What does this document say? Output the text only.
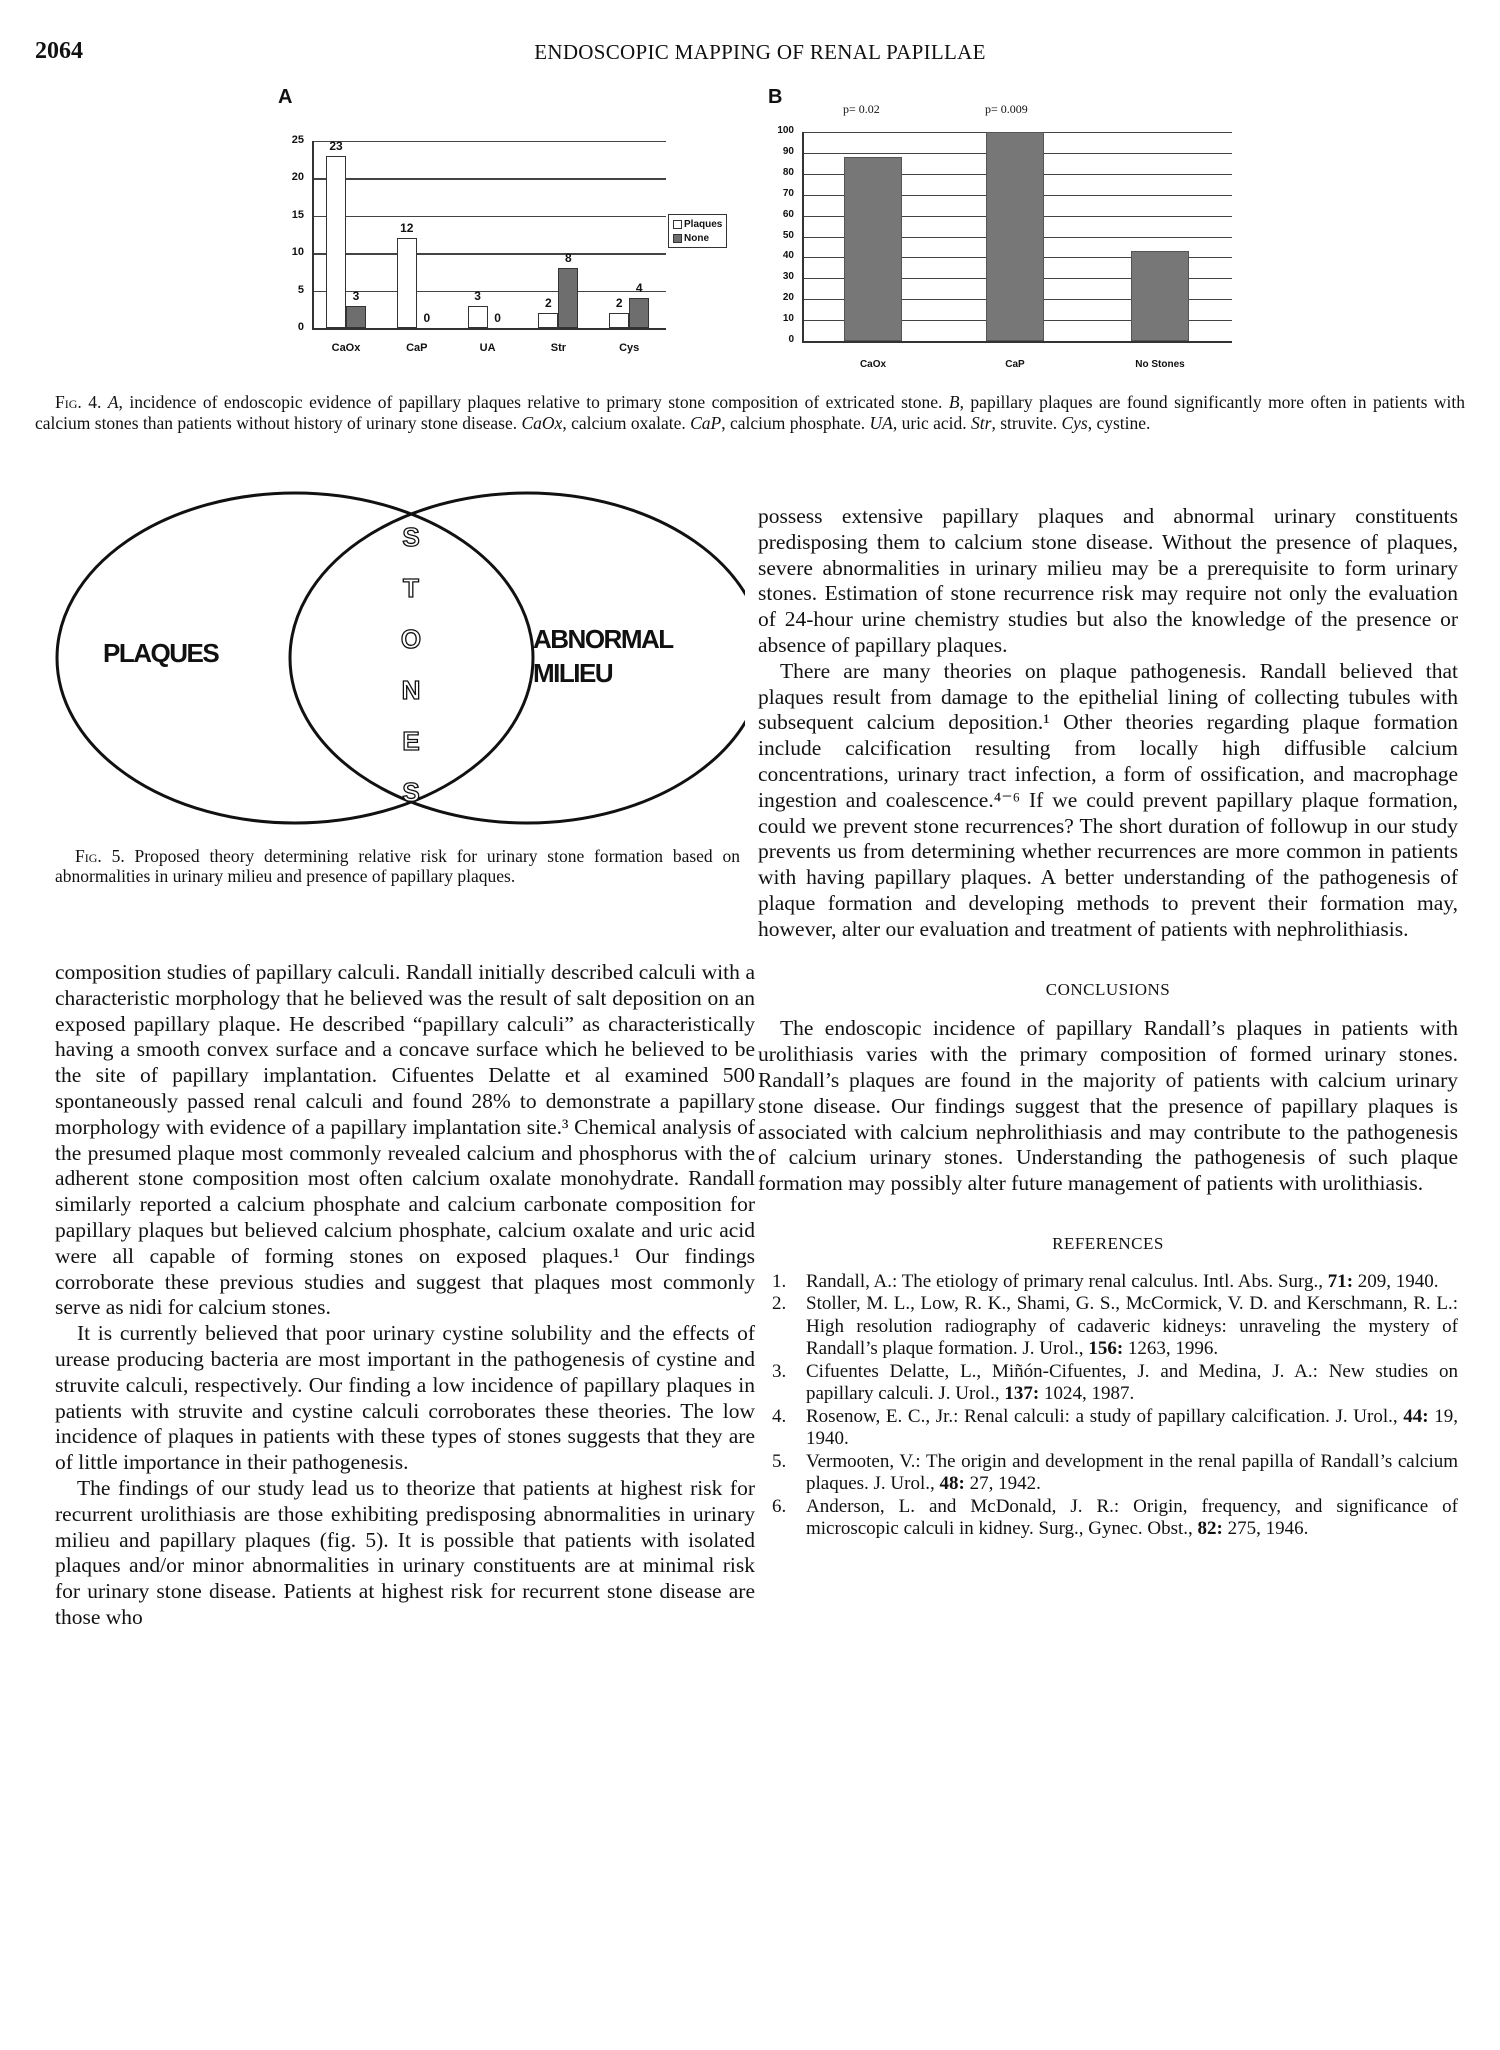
2064	ENDOSCOPIC MAPPING OF RENAL PAPILLAE
A
0
5
10
15
20
25	23
3
CaOx
12
0
CaP
3
0
UA
2
8
Str
2
4
Cys
Plaques
None
B
0
10
20
30
40
50
60
70
80
90
100
CaOx	CaP	No Stones
p= 0.02	p= 0.009
Fig. 4. A, incidence of endoscopic evidence of papillary plaques relative to primary stone composition of extricated stone. B, papillary plaques are found significantly more often in patients with calcium stones than patients without history of urinary stone disease. CaOx, calcium oxalate. CaP, calcium phosphate. UA, uric acid. Str, struvite. Cys, cystine.
PLAQUES	ABNORMAL
MILIEU
S
T
O
N
E
S
Fig. 5. Proposed theory determining relative risk for urinary stone formation based on abnormalities in urinary milieu and presence of papillary plaques.

composition studies of papillary calculi. Randall initially described calculi with a characteristic morphology that he believed was the result of salt deposition on an exposed papillary plaque. He described “papillary calculi” as characteristically having a smooth convex surface and a concave surface which he believed to be the site of papillary implantation. Cifuentes Delatte et al examined 500 spontaneously passed renal calculi and found 28% to demonstrate a papillary morphology with evidence of a papillary implantation site.³ Chemical analysis of the presumed plaque most commonly revealed calcium and phosphorus with the adherent stone composition most often calcium oxalate monohydrate. Randall similarly reported a calcium phosphate and calcium carbonate composition for papillary plaques but believed calcium phosphate, calcium oxalate and uric acid were all capable of forming stones on exposed plaques.¹ Our findings corroborate these previous studies and suggest that plaques most commonly serve as nidi for calcium stones.

It is currently believed that poor urinary cystine solubility and the effects of urease producing bacteria are most important in the pathogenesis of cystine and struvite calculi, respectively. Our finding a low incidence of papillary plaques in patients with struvite and cystine calculi corroborates these theories. The low incidence of plaques in patients with these types of stones suggests that they are of little importance in their pathogenesis.

The findings of our study lead us to theorize that patients at highest risk for recurrent urolithiasis are those exhibiting predisposing abnormalities in urinary milieu and papillary plaques (fig. 5). It is possible that patients with isolated plaques and/or minor abnormalities in urinary constituents are at minimal risk for urinary stone disease. Patients at highest risk for recurrent stone disease are those who

possess extensive papillary plaques and abnormal urinary constituents predisposing them to calcium stone disease. Without the presence of plaques, severe abnormalities in urinary milieu may be a prerequisite to form urinary stones. Estimation of stone recurrence risk may require not only the evaluation of 24-hour urine chemistry studies but also the knowledge of the presence or absence of papillary plaques.

There are many theories on plaque pathogenesis. Randall believed that plaques result from damage to the epithelial lining of collecting tubules with subsequent calcium deposition.¹ Other theories regarding plaque formation include calcification resulting from locally high diffusible calcium concentrations, urinary tract infection, a form of ossification, and macrophage ingestion and coalescence.⁴⁻⁶ If we could prevent papillary plaque formation, could we prevent stone recurrences? The short duration of followup in our study prevents us from determining whether recurrences are more common in patients with having papillary plaques. A better understanding of the pathogenesis of plaque formation and developing methods to prevent their formation may, however, alter our evaluation and treatment of patients with nephrolithiasis.

CONCLUSIONS

The endoscopic incidence of papillary Randall’s plaques in patients with urolithiasis varies with the primary composition of formed urinary stones. Randall’s plaques are found in the majority of patients with calcium urinary stone disease. Our findings suggest that the presence of papillary plaques is associated with calcium nephrolithiasis and may contribute to the pathogenesis of calcium urinary stones. Understanding the pathogenesis of such plaque formation may possibly alter future management of patients with urolithiasis.

REFERENCES
1. Randall, A.: The etiology of primary renal calculus. Intl. Abs. Surg., 71: 209, 1940.
2. Stoller, M. L., Low, R. K., Shami, G. S., McCormick, V. D. and Kerschmann, R. L.: High resolution radiography of cadaveric kidneys: unraveling the mystery of Randall’s plaque formation. J. Urol., 156: 1263, 1996.
3. Cifuentes Delatte, L., Miñón-Cifuentes, J. and Medina, J. A.: New studies on papillary calculi. J. Urol., 137: 1024, 1987.
4. Rosenow, E. C., Jr.: Renal calculi: a study of papillary calcification. J. Urol., 44: 19, 1940.
5. Vermooten, V.: The origin and development in the renal papilla of Randall’s calcium plaques. J. Urol., 48: 27, 1942.
6. Anderson, L. and McDonald, J. R.: Origin, frequency, and significance of microscopic calculi in kidney. Surg., Gynec. Obst., 82: 275, 1946.
